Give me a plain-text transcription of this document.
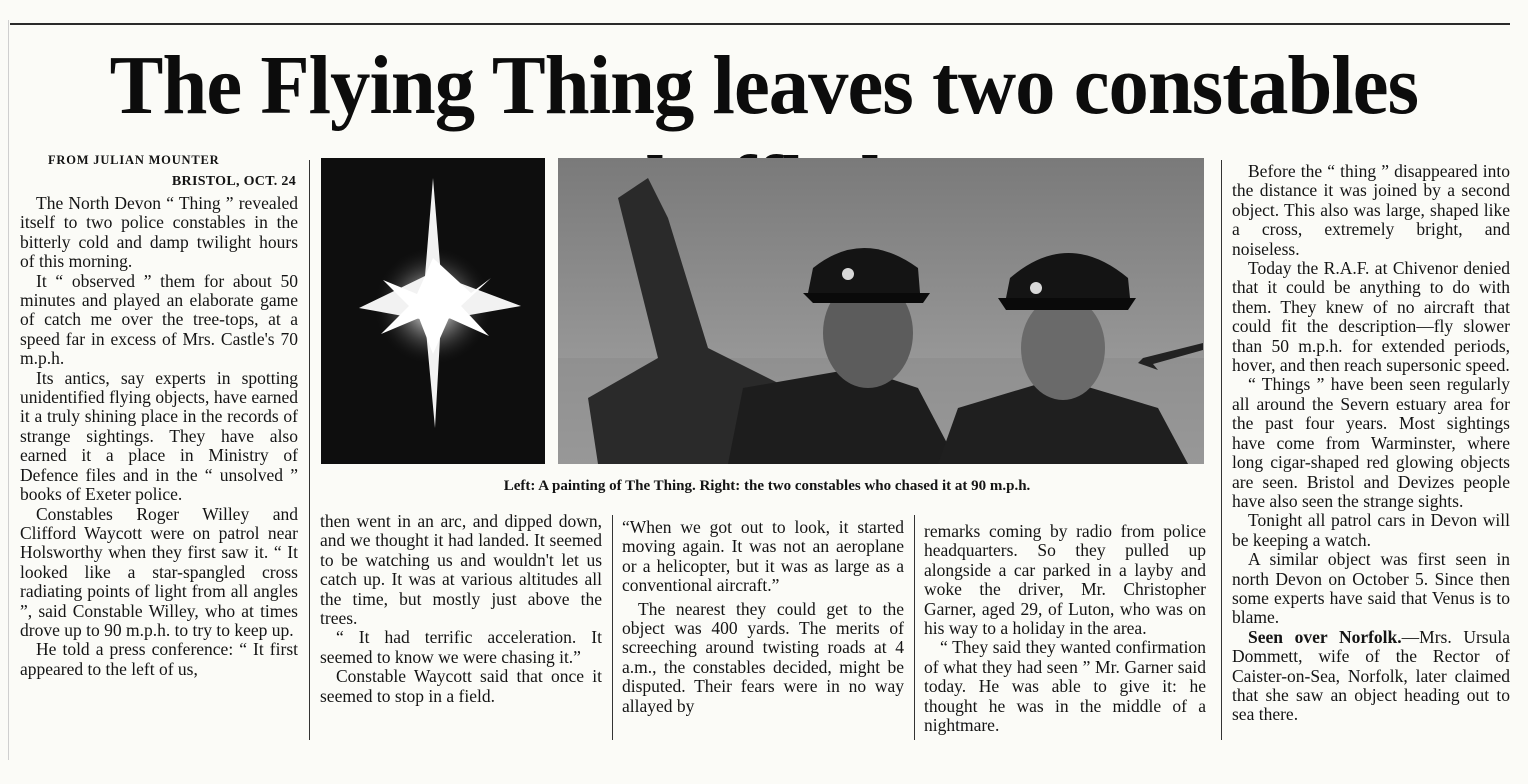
The Flying Thing leaves two constables

FROM JULIAN MOUNTER

BRISTOL, OCT. 24

The North Devon “ Thing ” revealed itself to two police constables in the bitterly cold and damp twilight hours of this morning.

It “ observed ” them for about 50 minutes and played an elaborate game of catch me over the tree-tops, at a speed far in excess of Mrs. Castle's 70 m.p.h.

Its antics, say experts in spotting unidentified flying objects, have earned it a truly shining place in the records of strange sightings. They have also earned it a place in Ministry of Defence files and in the “ unsolved ” books of Exeter police.

Constables Roger Willey and Clifford Waycott were on patrol near Holsworthy when they first saw it. “ It looked like a star-spangled cross radiating points of light from all angles ”, said Constable Willey, who at times drove up to 90 m.p.h. to try to keep up.

He told a press conference: “ It first appeared to the left of us,

Left: A painting of The Thing. Right: the two constables who chased it at 90 m.p.h.

then went in an arc, and dipped down, and we thought it had landed. It seemed to be watching us and wouldn't let us catch up. It was at various altitudes all the time, but mostly just above the trees.

“ It had terrific acceleration. It seemed to know we were chasing it.”

Constable Waycott said that once it seemed to stop in a field.

“When we got out to look, it started moving again. It was not an aeroplane or a helicopter, but it was as large as a conventional aircraft.”

The nearest they could get to the object was 400 yards. The merits of screeching around twisting roads at 4 a.m., the constables decided, might be disputed. Their fears were in no way allayed by

remarks coming by radio from police headquarters. So they pulled up alongside a car parked in a layby and woke the driver, Mr. Christopher Garner, aged 29, of Luton, who was on his way to a holiday in the area.

“ They said they wanted confirmation of what they had seen ” Mr. Garner said today. He was able to give it: he thought he was in the middle of a nightmare.

Before the “ thing ” disappeared into the distance it was joined by a second object. This also was large, shaped like a cross, extremely bright, and noiseless.

Today the R.A.F. at Chivenor denied that it could be anything to do with them. They knew of no aircraft that could fit the description—fly slower than 50 m.p.h. for extended periods, hover, and then reach supersonic speed.

“ Things ” have been seen regularly all around the Severn estuary area for the past four years. Most sightings have come from Warminster, where long cigar-shaped red glowing objects are seen. Bristol and Devizes people have also seen the strange sights.

Tonight all patrol cars in Devon will be keeping a watch.

A similar object was first seen in north Devon on October 5. Since then some experts have said that Venus is to blame.

Seen over Norfolk.—Mrs. Ursula Dommett, wife of the Rector of Caister-on-Sea, Norfolk, later claimed that she saw an object heading out to sea there.
